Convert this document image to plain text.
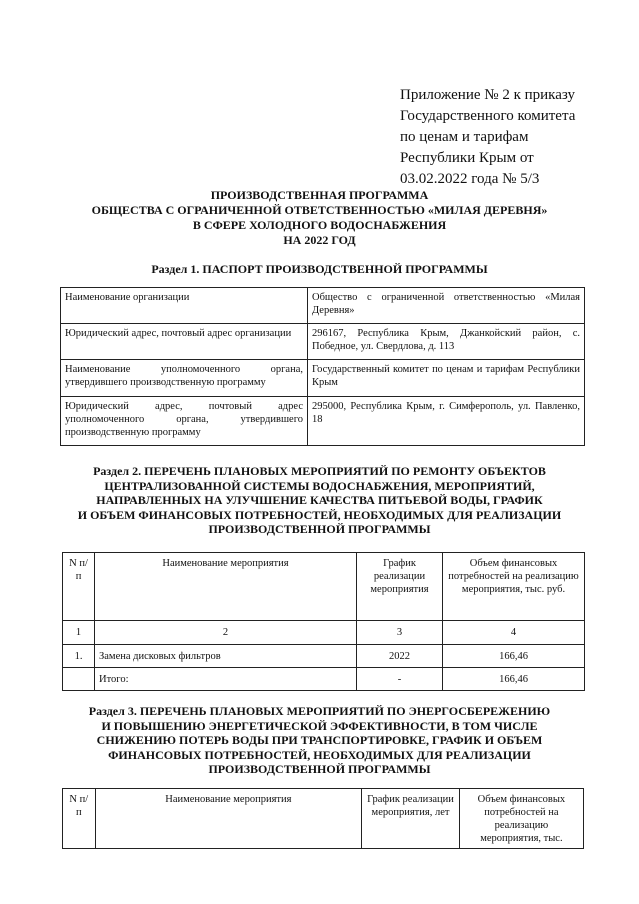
Приложение № 2 к приказу
Государственного комитета
по ценам и тарифам
Республики Крым от
03.02.2022 года № 5/3
ПРОИЗВОДСТВЕННАЯ ПРОГРАММА
ОБЩЕСТВА С ОГРАНИЧЕННОЙ ОТВЕТСТВЕННОСТЬЮ «МИЛАЯ ДЕРЕВНЯ»
В СФЕРЕ ХОЛОДНОГО ВОДОСНАБЖЕНИЯ
НА 2022 ГОД
Раздел 1. ПАСПОРТ ПРОИЗВОДСТВЕННОЙ ПРОГРАММЫ
Наименование организации	Общество с ограниченной ответственностью «Милая Деревня»
Юридический адрес, почтовый адрес организации	296167, Республика Крым, Джанкойский район, с. Победное, ул. Свердлова, д. 113
Наименование уполномоченного органа, утвердившего производственную программу	Государственный комитет по ценам и тарифам Республики Крым
Юридический адрес, почтовый адрес уполномоченного органа, утвердившего производственную программу	295000, Республика Крым, г. Симферополь, ул. Павленко, 18
Раздел 2. ПЕРЕЧЕНЬ ПЛАНОВЫХ МЕРОПРИЯТИЙ ПО РЕМОНТУ ОБЪЕКТОВ
ЦЕНТРАЛИЗОВАННОЙ СИСТЕМЫ ВОДОСНАБЖЕНИЯ, МЕРОПРИЯТИЙ,
НАПРАВЛЕННЫХ НА УЛУЧШЕНИЕ КАЧЕСТВА ПИТЬЕВОЙ ВОДЫ, ГРАФИК
И ОБЪЕМ ФИНАНСОВЫХ ПОТРЕБНОСТЕЙ, НЕОБХОДИМЫХ ДЛЯ РЕАЛИЗАЦИИ
ПРОИЗВОДСТВЕННОЙ ПРОГРАММЫ
N п/п	Наименование мероприятия	График реализации мероприятия	Объем финансовых потребностей на реализацию мероприятия, тыс. руб.
1	2	3	4
1.	Замена дисковых фильтров	2022	166,46
	Итого:	-	166,46
Раздел 3. ПЕРЕЧЕНЬ ПЛАНОВЫХ МЕРОПРИЯТИЙ ПО ЭНЕРГОСБЕРЕЖЕНИЮ
И ПОВЫШЕНИЮ ЭНЕРГЕТИЧЕСКОЙ ЭФФЕКТИВНОСТИ, В ТОМ ЧИСЛЕ
СНИЖЕНИЮ ПОТЕРЬ ВОДЫ ПРИ ТРАНСПОРТИРОВКЕ, ГРАФИК И ОБЪЕМ
ФИНАНСОВЫХ ПОТРЕБНОСТЕЙ, НЕОБХОДИМЫХ ДЛЯ РЕАЛИЗАЦИИ
ПРОИЗВОДСТВЕННОЙ ПРОГРАММЫ
N п/п	Наименование мероприятия	График реализации мероприятия, лет	Объем финансовых потребностей на реализацию мероприятия, тыс.
